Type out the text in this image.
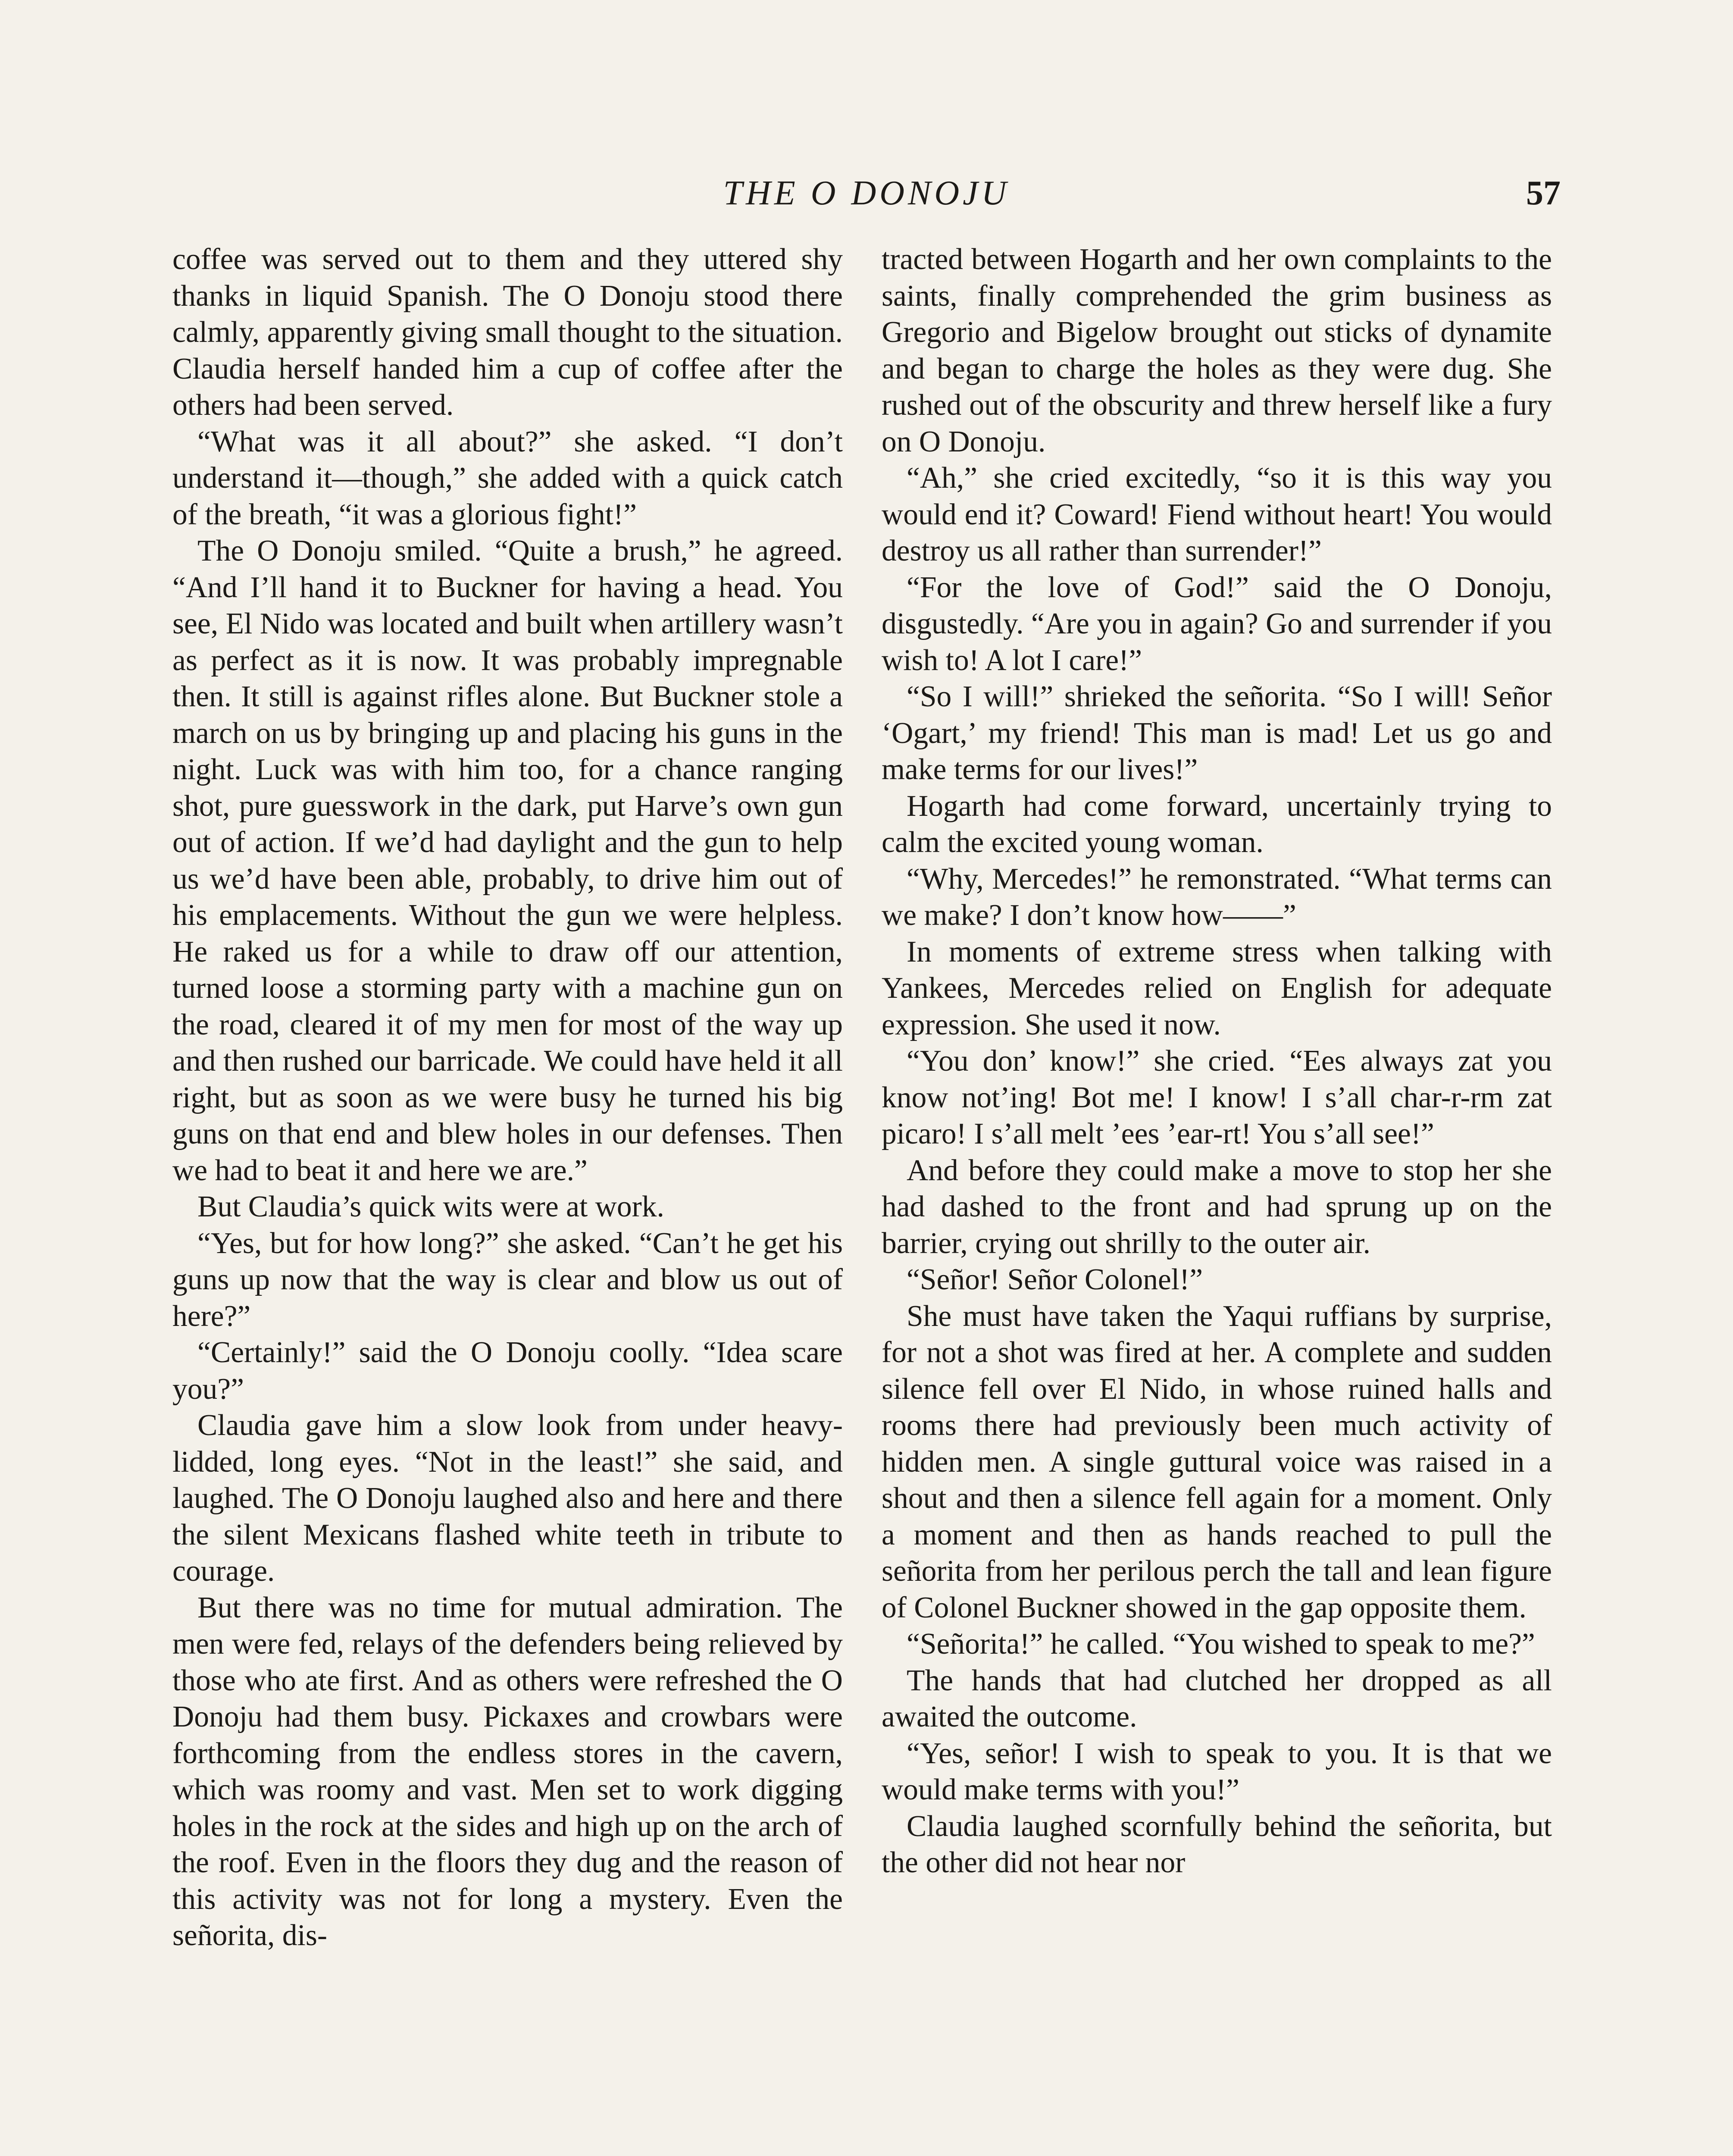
THE O DONOJU	57

coffee was served out to them and they uttered shy thanks in liquid Spanish. The O Donoju stood there calmly, apparently giving small thought to the situation. Claudia herself handed him a cup of coffee after the others had been served.

“What was it all about?” she asked. “I don’t understand it—though,” she added with a quick catch of the breath, “it was a glorious fight!”

The O Donoju smiled. “Quite a brush,” he agreed. “And I’ll hand it to Buckner for having a head. You see, El Nido was located and built when artillery wasn’t as perfect as it is now. It was probably impregnable then. It still is against rifles alone. But Buckner stole a march on us by bringing up and placing his guns in the night. Luck was with him too, for a chance ranging shot, pure guesswork in the dark, put Harve’s own gun out of action. If we’d had daylight and the gun to help us we’d have been able, probably, to drive him out of his emplacements. Without the gun we were helpless. He raked us for a while to draw off our attention, turned loose a storming party with a machine gun on the road, cleared it of my men for most of the way up and then rushed our barricade. We could have held it all right, but as soon as we were busy he turned his big guns on that end and blew holes in our defenses. Then we had to beat it and here we are.”

But Claudia’s quick wits were at work.

“Yes, but for how long?” she asked. “Can’t he get his guns up now that the way is clear and blow us out of here?”

“Certainly!” said the O Donoju coolly. “Idea scare you?”

Claudia gave him a slow look from under heavy-lidded, long eyes. “Not in the least!” she said, and laughed. The O Donoju laughed also and here and there the silent Mexicans flashed white teeth in tribute to courage.

But there was no time for mutual admiration. The men were fed, relays of the defenders being relieved by those who ate first. And as others were refreshed the O Donoju had them busy. Pickaxes and crowbars were forthcoming from the endless stores in the cavern, which was roomy and vast. Men set to work digging holes in the rock at the sides and high up on the arch of the roof. Even in the floors they dug and the reason of this activity was not for long a mystery. Even the señorita, dis-

tracted between Hogarth and her own complaints to the saints, finally comprehended the grim business as Gregorio and Bigelow brought out sticks of dynamite and began to charge the holes as they were dug. She rushed out of the obscurity and threw herself like a fury on O Donoju.

“Ah,” she cried excitedly, “so it is this way you would end it? Coward! Fiend without heart! You would destroy us all rather than surrender!”

“For the love of God!” said the O Donoju, disgustedly. “Are you in again? Go and surrender if you wish to! A lot I care!”

“So I will!” shrieked the señorita. “So I will! Señor ‘Ogart,’ my friend! This man is mad! Let us go and make terms for our lives!”

Hogarth had come forward, uncertainly trying to calm the excited young woman.

“Why, Mercedes!” he remonstrated. “What terms can we make? I don’t know how——”

In moments of extreme stress when talking with Yankees, Mercedes relied on English for adequate expression. She used it now.

“You don’ know!” she cried. “Ees always zat you know not’ing! Bot me! I know! I s’all char-r-rm zat picaro! I s’all melt ’ees ’ear-rt! You s’all see!”

And before they could make a move to stop her she had dashed to the front and had sprung up on the barrier, crying out shrilly to the outer air.

“Señor! Señor Colonel!”

She must have taken the Yaqui ruffians by surprise, for not a shot was fired at her. A complete and sudden silence fell over El Nido, in whose ruined halls and rooms there had previously been much activity of hidden men. A single guttural voice was raised in a shout and then a silence fell again for a moment. Only a moment and then as hands reached to pull the señorita from her perilous perch the tall and lean figure of Colonel Buckner showed in the gap opposite them.

“Señorita!” he called. “You wished to speak to me?”

The hands that had clutched her dropped as all awaited the outcome.

“Yes, señor! I wish to speak to you. It is that we would make terms with you!”

Claudia laughed scornfully behind the señorita, but the other did not hear nor
